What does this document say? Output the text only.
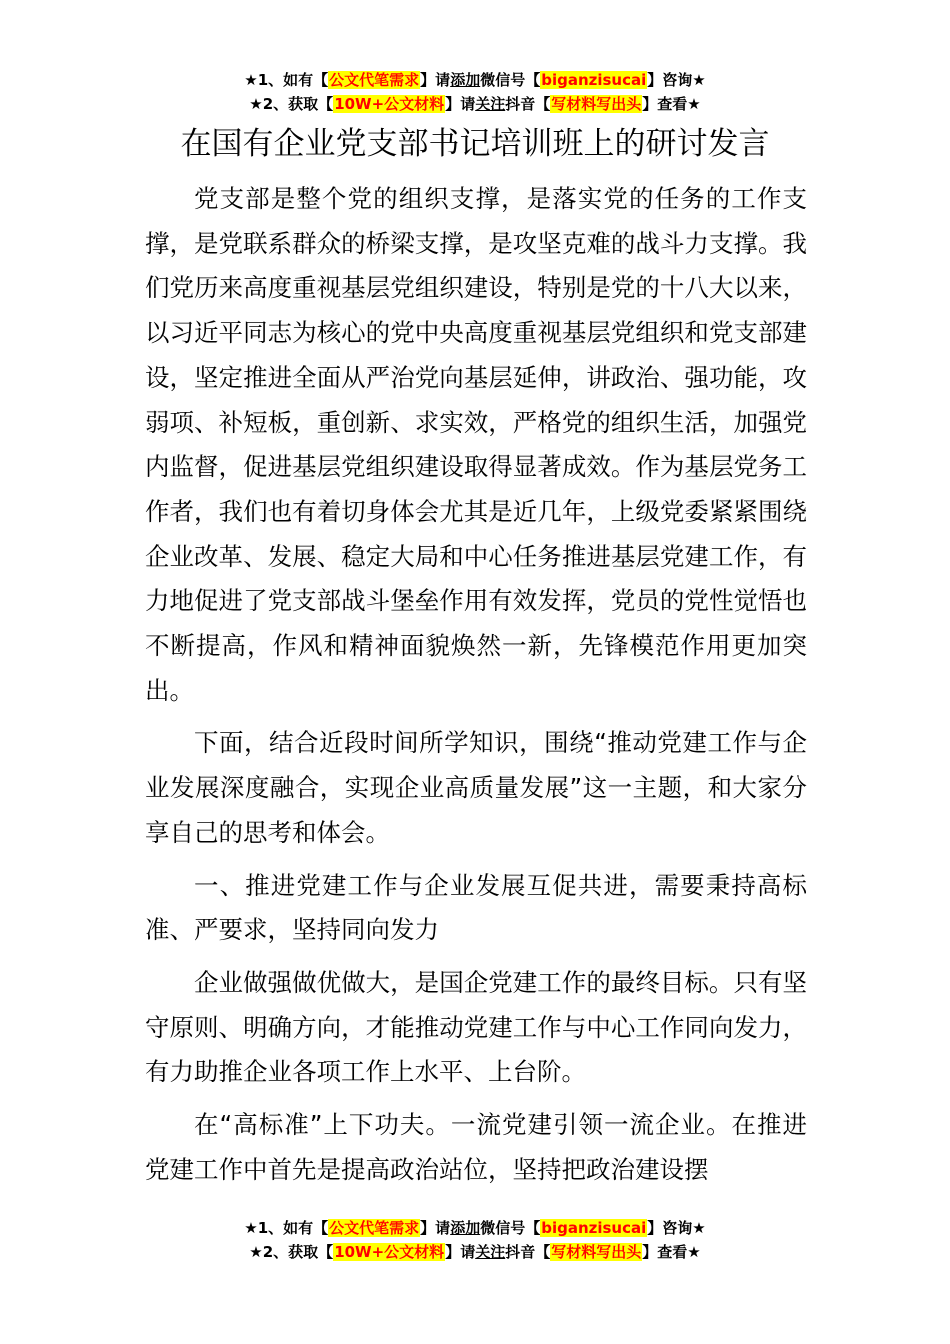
★1、如有【公文代笔需求】请添加微信号【biganzisucai】咨询★
★2、获取【10W+公文材料】请关注抖音【写材料写出头】查看★
在国有企业党支部书记培训班上的研讨发言

党支部是整个党的组织支撑，是落实党的任务的工作支撑，是党联系群众的桥梁支撑，是攻坚克难的战斗力支撑。我们党历来高度重视基层党组织建设，特别是党的十八大以来，以习近平同志为核心的党中央高度重视基层党组织和党支部建设，坚定推进全面从严治党向基层延伸，讲政治、强功能，攻弱项、补短板，重创新、求实效，严格党的组织生活，加强党内监督，促进基层党组织建设取得显著成效。作为基层党务工作者，我们也有着切身体会尤其是近几年，上级党委紧紧围绕企业改革、发展、稳定大局和中心任务推进基层党建工作，有力地促进了党支部战斗堡垒作用有效发挥，党员的党性觉悟也不断提高，作风和精神面貌焕然一新，先锋模范作用更加突出。

下面，结合近段时间所学知识，围绕“推动党建工作与企业发展深度融合，实现企业高质量发展”这一主题，和大家分享自己的思考和体会。

一、推进党建工作与企业发展互促共进，需要秉持高标准、严要求，坚持同向发力

企业做强做优做大，是国企党建工作的最终目标。只有坚守原则、明确方向，才能推动党建工作与中心工作同向发力，有力助推企业各项工作上水平、上台阶。

在“高标准”上下功夫。一流党建引领一流企业。在推进党建工作中首先是提高政治站位，坚持把政治建设摆

★1、如有【公文代笔需求】请添加微信号【biganzisucai】咨询★
★2、获取【10W+公文材料】请关注抖音【写材料写出头】查看★
